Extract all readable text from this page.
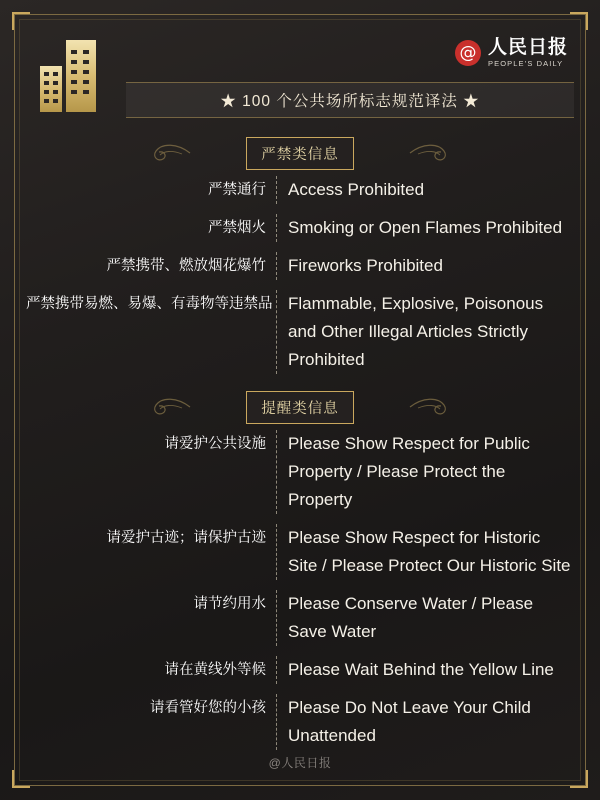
@ 人民日报
PEOPLE’S DAILY
★ 100 个公共场所标志规范译法 ★
严禁类信息
严禁通行	Access Prohibited
严禁烟火	Smoking or Open Flames Prohibited
严禁携带、燃放烟花爆竹	Fireworks Prohibited
严禁携带易燃、易爆、有毒物等违禁品 Flammable, Explosive, Poisonous and Other Illegal Articles Strictly Prohibited
提醒类信息
请爱护公共设施	Please Show Respect for Public Property / Please Protect the Property
请爱护古迹；请保护古迹	Please Show Respect for Historic Site / Please Protect Our Historic Site
请节约用水	Please Conserve Water / Please Save Water
请在黄线外等候	Please Wait Behind the Yellow Line
请看管好您的小孩	Please Do Not Leave Your Child Unattended
@人民日报
